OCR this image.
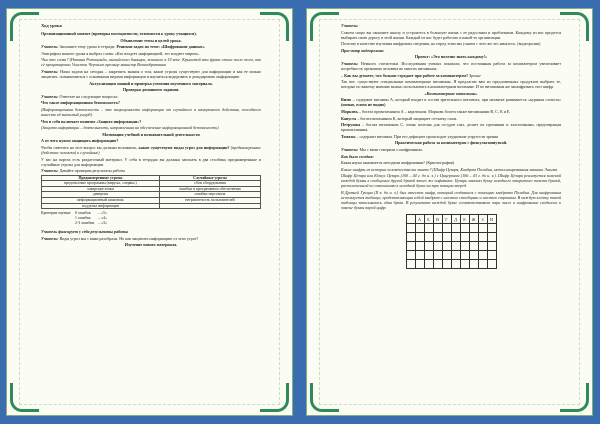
Ход урока

Организационный момент (проверка посещаемости, готовности к уроку учащихся).

Объявление темы и целей урока.

Учитель: Запишите тему урока в тетради: Решение задач по теме: «Шифрование данных»

Эпиграфом нашего урока я выбрал слова: «Кто владеет информацией, тот владеет миром».

Чьи это слова? (Натана Ротшильда, английского банкира, жившего в 19 веке. Крылатой эта фраза стала после того, как её процитировал Уинстон Черчилль премьер министр Великобритании

Учитель: Наша задача на сегодня – закрепить знания о том, какие угрозы существуют для информации и как ее можно защитить. познакомиться с основными видами информации и научиться кодировать и декодировать информацию.

Актуализация знаний и проверка усвоения изученного материала.

Проверка домашнего задания.

Учитель: Ответьте на следующие вопросы:

Что такое информационная безопасность?

(Информационная безопасность – это защищенность информации от случайного и намеренного действия, способного нанести ей значимый ущерб).

Что в себя включает понятие «Защита информации»?

(Защита информации – деятельность, направленная на обеспечение информационной безопасности)

Мотивация учебной и познавательной деятельности

А от чего нужно защищать информацию?

Чтобы ответить на этот вопрос вы должны вспомнить, какие существуют виды угроз для информации? (преднамеренные (действие человека) и случайные)

У вас на партах есть раздаточный материал. У себя в тетрадях вы должны записать в два столбика преднамеренные и случайные угрозы для информации.

Учитель: Давайте проверим результаты работы

Преднамеренные угрозы	Случайные угрозы
вредоносные программы (вирусы, «черви»)	сбои оборудования
хакерские атаки	ошибки в программном обеспечении
диверсия	ошибки персонала
информационный шпионаж	неграмотность пользователей
подделка информации	
Критерии оценки:	0 ошибок	– «5»
	1 ошибка	– «4»
	2-3 ошибки	– «3»

Учитель фиксирует у себя результаты работы

Учитель: Виды угроз мы с вами разобрали. Но как защитить информацию от этих угроз?

Изучение нового материала.

Учитель:

Совсем скоро вы окончите школу и устроитесь в большую жизнь с ее радостями и проблемами. Каждому из вас придется выбирать свою дорогу в этой жизни. Каждый из вас будет работать в какой-то организации.

Поэтому в качестве изучения шифровать сведения, но перед этим мы узнаем с чего же это началось. (видеоролик)

Просмотр видеоролика

Проект: «Это полезно знать каждому!»

Учитель: Немного статистики. Исследования ученых показали, что постоянная работа за компьютером увеличивает потребность организма человека во многих витаминах.

– Как вы думаете, что больше страдает при работе за компьютером? Зрение

Так вот, существуют специальные компьютерные витамины. Я предлагаю вам из предложенных продуктов выбрать те, которые по вашему мнению можно использовать в компьютерном витамине. И по витаминам же зашифровать этот шифр.

«Компьютерные витамины»

Витю – содержит витамин А, который входит в состав зрительного пигмента, при нехватке развивается «куриная слепота» (ночью, плохо не видно)

Морковь – богата провитамином А – каротином. Морковь богата также витаминами В, С, К и Е.

Капуста – богата витамином К, который защищает сетчатку глаза.

Петрушка – богата витамином С, очень полезна для сосудов глаз, делает их прочными и эластичными, предотвращая кровоизлияния.

Томаты – содержит витамин. При его дефиците происходит ухудшение упругости зрения

Практическая работа за компьютером с физкультминуткой.

Учитель: Мы с вами говорили о шифровании.

Как было сегодня:

Какая наука занимается методами шифрования? (Криптография)

Какие шифры из истории человечества вы знаете? (Шифр Цезаря, Квадрат Полибия, металлизированная машина Энигма

Шифр Цезаря или Юлиус Цезарь (100 – 44 г. до н. э.) с Цицероном (106 – 43 г. до н. э.). Шифр Цезаря реализуется заменой каждой буквы в сообщении другой буквой этого же алфавита. Цезарь заменял букву исходного открытого текста буквой, расположенной по отношению к исходной букве на три позиции вперед.

В Древней Греции (II в. до н. э.) был известен шифр, который создавался с помощью квадрата Полибия. Для шифрования используется таблица, представляющая собой квадрат с шестью столбцами и шестью строками. В каждую клетку такой таблицы записывалась одна буква. В результате каждой букве соответствовала пара чисел и шифрование сводилось к замене буквы парой цифр.

А	Б	В	Г	Д	Е	Ж	З	И
